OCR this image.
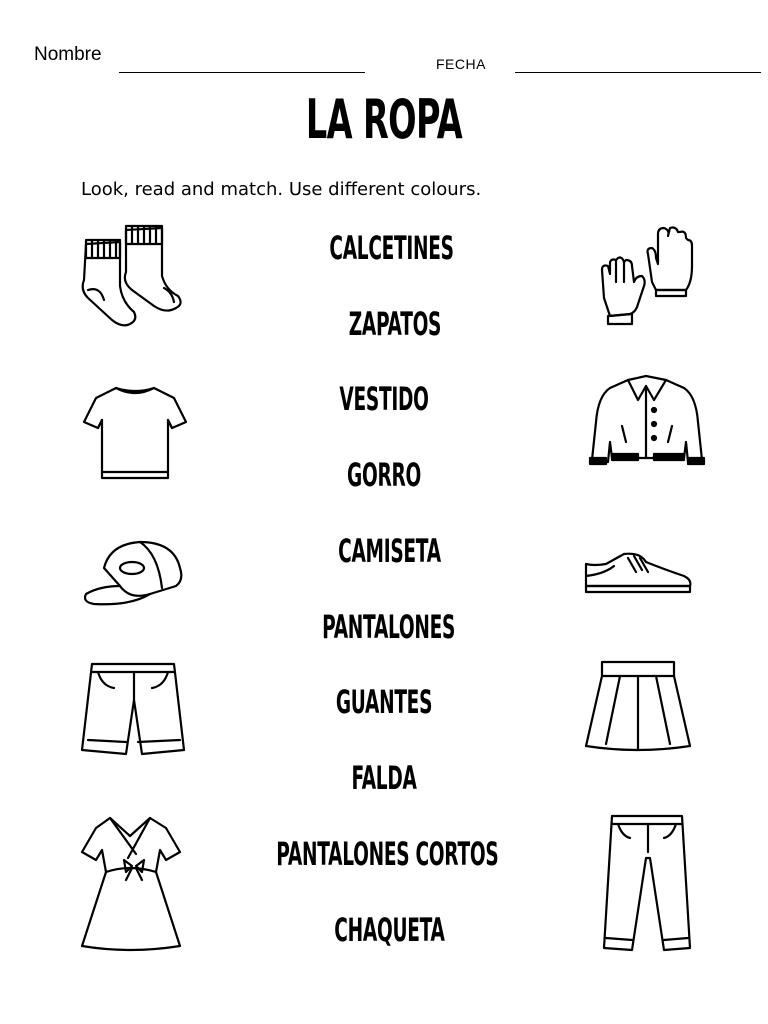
Nombre	FECHA
LA ROPA
Look, read and match. Use different colours.
CALCETINES
ZAPATOS
VESTIDO
GORRO
CAMISETA
PANTALONES
GUANTES
FALDA
PANTALONES CORTOS
CHAQUETA
